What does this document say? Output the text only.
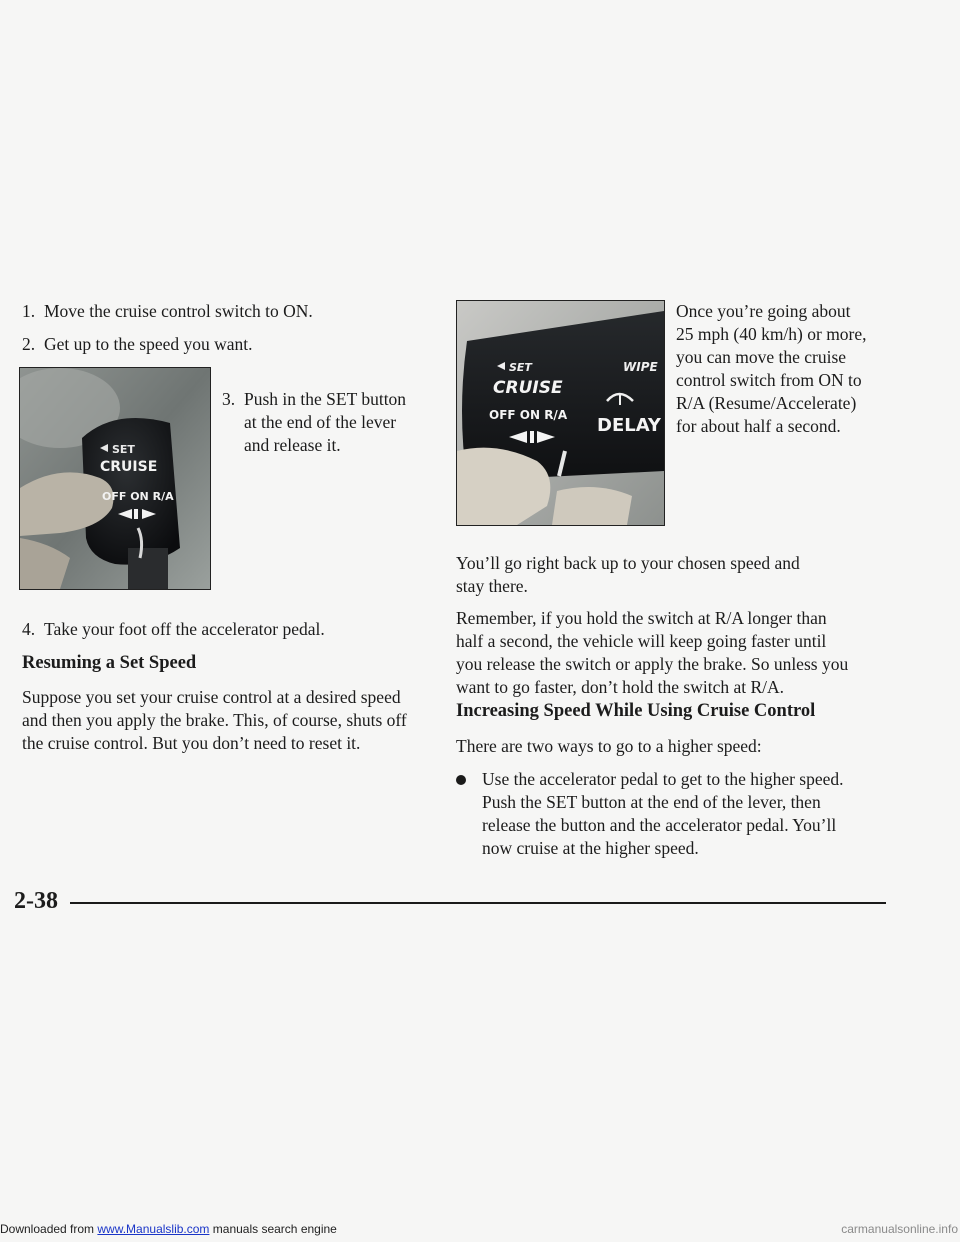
1. Move the cruise control switch to ON.
2. Get up to the speed you want.
SET
CRUISE
OFF ON R/A
3. Push in the SET button
at the end of the lever
and release it.
4. Take your foot off the accelerator pedal.
Resuming a Set Speed
Suppose you set your cruise control at a desired speed
and then you apply the brake. This, of course, shuts off
the cruise control. But you don’t need to reset it.
SET
CRUISE
OFF ON R/A
WIPE
DELAY
Once you’re going about
25 mph (40 km/h) or more,
you can move the cruise
control switch from ON to
R/A (Resume/Accelerate)
for about half a second.
You’ll go right back up to your chosen speed and
stay there.
Remember, if you hold the switch at R/A longer than
half a second, the vehicle will keep going faster until
you release the switch or apply the brake. So unless you
want to go faster, don’t hold the switch at R/A.
Increasing Speed While Using Cruise Control
There are two ways to go to a higher speed:
Use the accelerator pedal to get to the higher speed.
Push the SET button at the end of the lever, then
release the button and the accelerator pedal. You’ll
now cruise at the higher speed.
2-38
Downloaded from www.Manualslib.com manuals search engine	carmanualsonline.info
